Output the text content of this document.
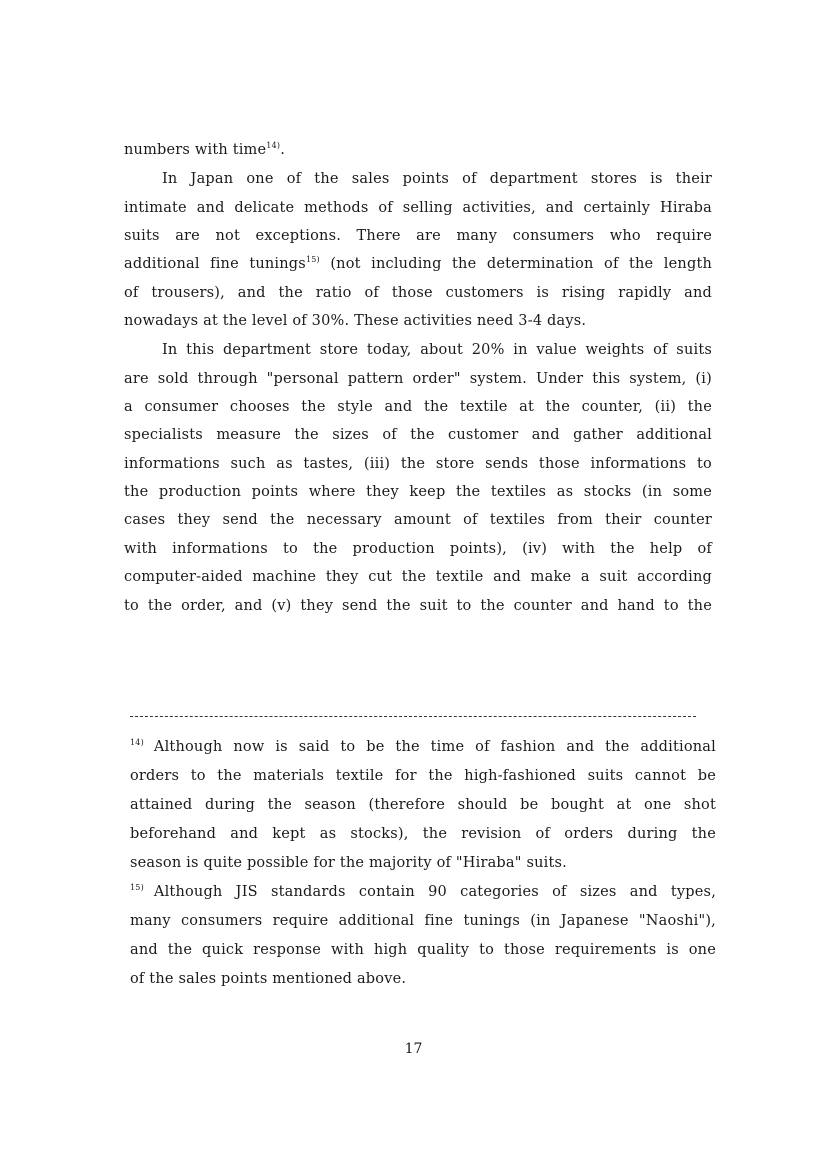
numbers with time$^{14)}$.
In Japan one of the sales points of department stores is their
intimate and delicate methods of selling activities, and certainly Hiraba
suits are not exceptions. There are many consumers who require
additional fine tunings$^{15)}$ (not including the determination of the length
of trousers), and the ratio of those customers is rising rapidly and
nowadays at the level of 30%. These activities need 3-4 days.
In this department store today, about 20% in value weights of suits
are sold through "personal pattern order" system. Under this system, (i)
a consumer chooses the style and the textile at the counter, (ii) the
specialists measure the sizes of the customer and gather additional
informations such as tastes, (iii) the store sends those informations to
the production points where they keep the textiles as stocks (in some
cases they send the necessary amount of textiles from their counter
with informations to the production points), (iv) with the help of
computer-aided machine they cut the textile and make a suit according
to the order, and (v) they send the suit to the counter and hand to the
$^{14)}$ Although now is said to be the time of fashion and the additional
orders to the materials textile for the high-fashioned suits cannot be
attained during the season (therefore should be bought at one shot
beforehand and kept as stocks), the revision of orders during the
season is quite possible for the majority of "Hiraba" suits.
$^{15)}$ Although JIS standards contain 90 categories of sizes and types,
many consumers require additional fine tunings (in Japanese "Naoshi"),
and the quick response with high quality to those requirements is one
of the sales points mentioned above.
17
